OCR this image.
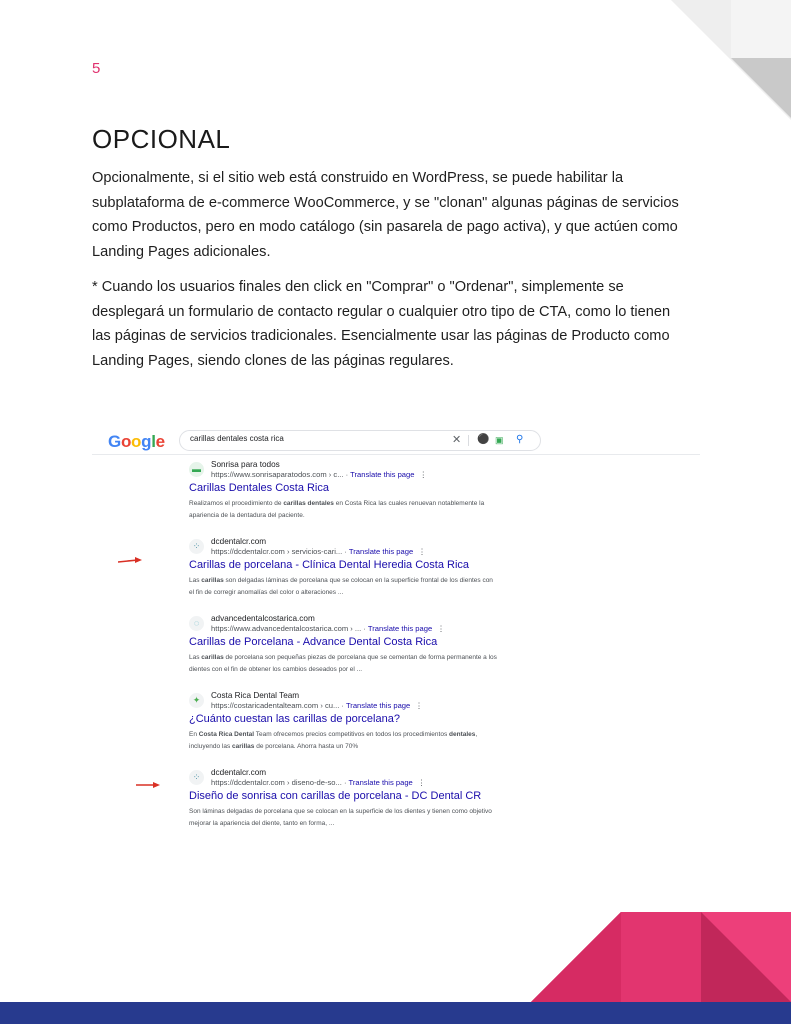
5
OPCIONAL

Opcionalmente, si el sitio web está construido en WordPress, se puede habilitar la subplataforma de e-commerce WooCommerce, y se "clonan" algunas páginas de servicios como Productos, pero en modo catálogo (sin pasarela de pago activa), y que actúen como Landing Pages adicionales.

* Cuando los usuarios finales den click en "Comprar" o "Ordenar", simplemente se desplegará un formulario de contacto regular o cualquier otro tipo de CTA, como lo tienen las páginas de servicios tradicionales. Esencialmente usar las páginas de Producto como Landing Pages, siendo clones de las páginas regulares.

Google	carillas dentales costa rica	✕ ⚫ ▣ ⚲
▬	Sonrisa para todos
https://www.sonrisaparatodos.com › c... · Translate this page ⋮
Carillas Dentales Costa Rica
Realizamos el procedimiento de carillas dentales en Costa Rica las cuales renuevan notablemente la apariencia de la dentadura del paciente.
⁘	dcdentalcr.com
https://dcdentalcr.com › servicios-cari... · Translate this page ⋮
Carillas de porcelana - Clínica Dental Heredia Costa Rica
Las carillas son delgadas láminas de porcelana que se colocan en la superficie frontal de los dientes con el fin de corregir anomalías del color o alteraciones ...
◌	advancedentalcostarica.com
https://www.advancedentalcostarica.com › ... · Translate this page ⋮
Carillas de Porcelana - Advance Dental Costa Rica
Las carillas de porcelana son pequeñas piezas de porcelana que se cementan de forma permanente a los dientes con el fin de obtener los cambios deseados por el ...
✦	Costa Rica Dental Team
https://costaricadentalteam.com › cu... · Translate this page ⋮
¿Cuánto cuestan las carillas de porcelana?
En Costa Rica Dental Team ofrecemos precios competitivos en todos los procedimientos dentales, incluyendo las carillas de porcelana. Ahorra hasta un 70%
⁘	dcdentalcr.com
https://dcdentalcr.com › diseno-de-so... · Translate this page ⋮
Diseño de sonrisa con carillas de porcelana - DC Dental CR
Son láminas delgadas de porcelana que se colocan en la superficie de los dientes y tienen como objetivo mejorar la apariencia del diente, tanto en forma, ...
